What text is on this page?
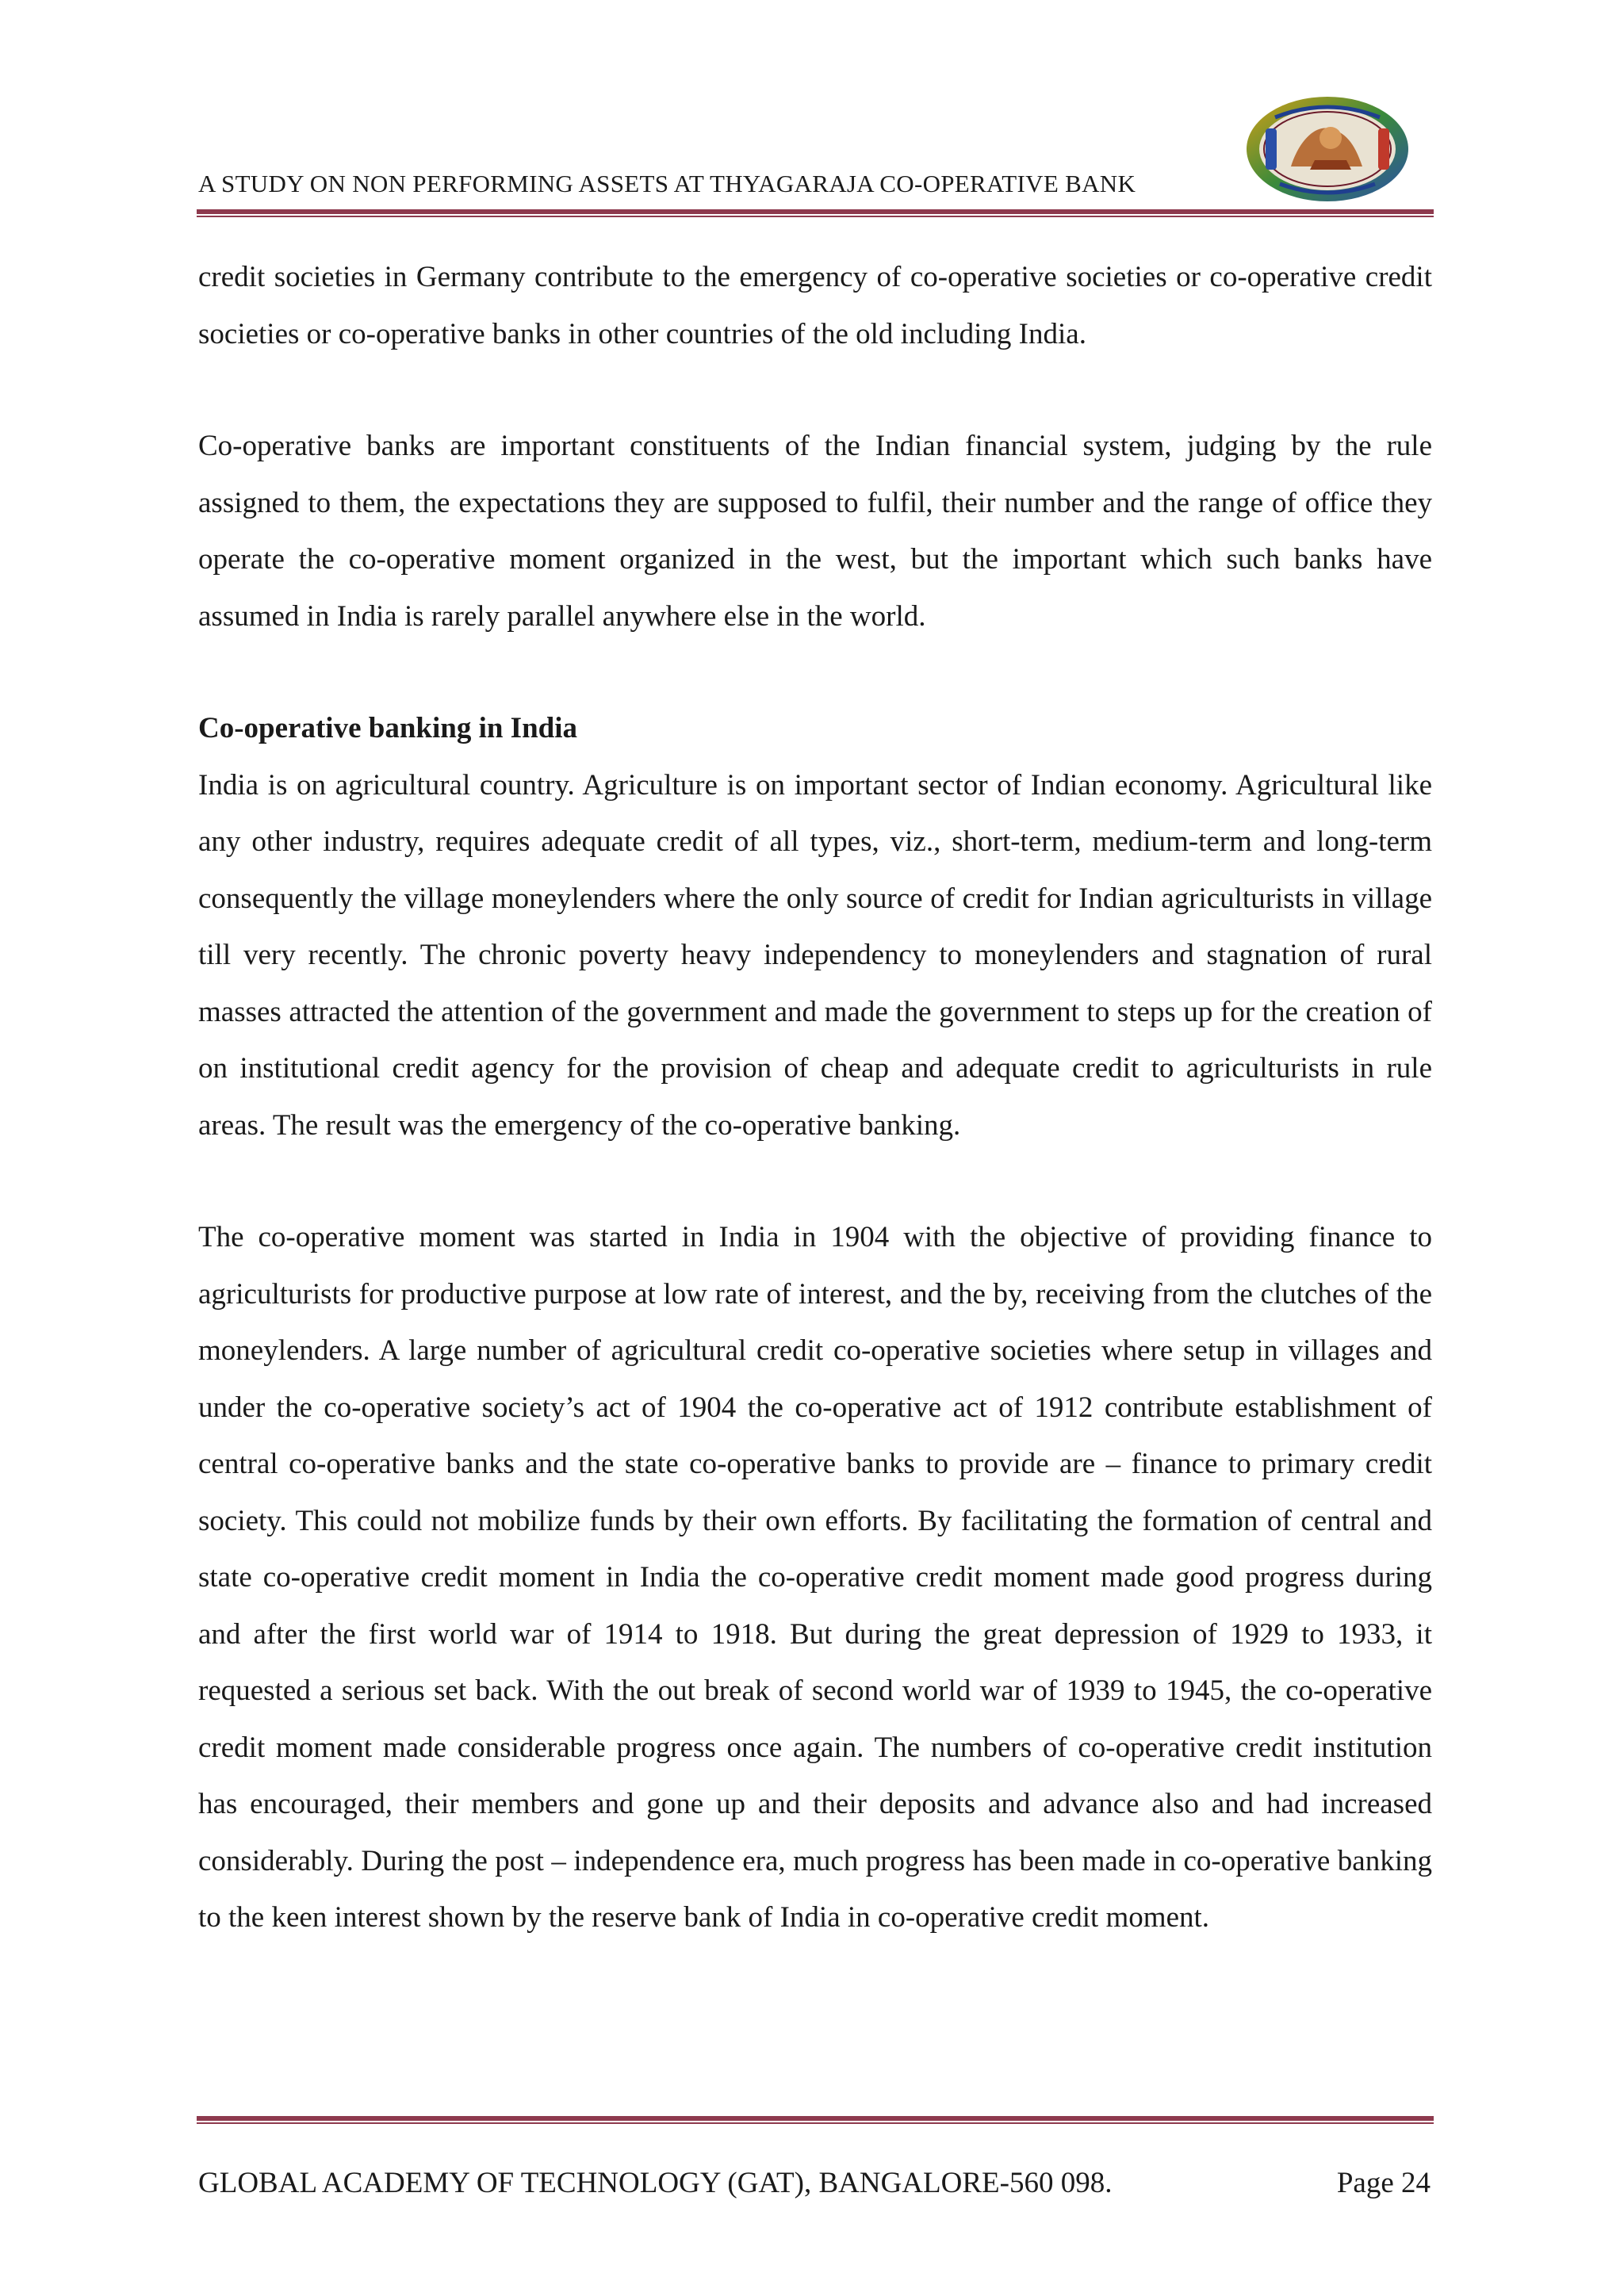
A STUDY ON NON PERFORMING ASSETS AT THYAGARAJA CO-OPERATIVE BANK

credit societies in Germany contribute to the emergency of co-operative societies or co-operative credit societies or co-operative banks in other countries of the old including India.

Co-operative banks are important constituents of the Indian financial system, judging by the rule assigned to them, the expectations they are supposed to fulfil, their number and the range of office they operate the co-operative moment organized in the west, but the important which such banks have assumed in India is rarely parallel anywhere else in the world.

Co-operative banking in India

India is on agricultural country. Agriculture is on important sector of Indian economy. Agricultural like any other industry, requires adequate credit of all types, viz., short-term, medium-term and long-term consequently the village moneylenders where the only source of credit for Indian agriculturists in village till very recently. The chronic poverty heavy independency to moneylenders and stagnation of rural masses attracted the attention of the government and made the government to steps up for the creation of on institutional credit agency for the provision of cheap and adequate credit to agriculturists in rule areas. The result was the emergency of the co-operative banking.

The co-operative moment was started in India in 1904 with the objective of providing finance to agriculturists for productive purpose at low rate of interest, and the by, receiving from the clutches of the moneylenders. A large number of agricultural credit co-operative societies where setup in villages and under the co-operative society’s act of 1904 the co-operative act of 1912 contribute establishment of central co-operative banks and the state co-operative banks to provide are – finance to primary credit society. This could not mobilize funds by their own efforts. By facilitating the formation of central and state co-operative credit moment in India the co-operative credit moment made good progress during and after the first world war of 1914 to 1918. But during the great depression of 1929 to 1933, it requested a serious set back. With the out break of second world war of 1939 to 1945, the co-operative credit moment made considerable progress once again. The numbers of co-operative credit institution has encouraged, their members and gone up and their deposits and advance also and had increased considerably. During the post – independence era, much progress has been made in co-operative banking to the keen interest shown by the reserve bank of India in co-operative credit moment.

GLOBAL ACADEMY OF TECHNOLOGY (GAT), BANGALORE-560 098.	Page 24
